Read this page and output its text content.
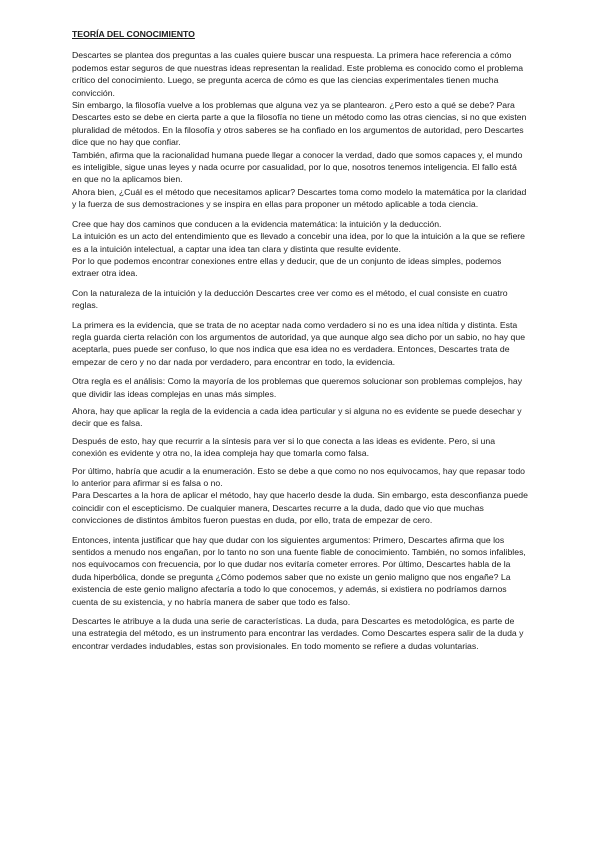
TEORÍA DEL CONOCIMIENTO

Descartes se plantea dos preguntas a las cuales quiere buscar una respuesta. La primera hace referencia a cómo podemos estar seguros de que nuestras ideas representan la realidad. Este problema es conocido como el problema crítico del conocimiento. Luego, se pregunta acerca de cómo es que las ciencias experimentales tienen mucha convicción.

Sin embargo, la filosofía vuelve a los problemas que alguna vez ya se plantearon. ¿Pero esto a qué se debe? Para Descartes esto se debe en cierta parte a que la filosofía no tiene un método como las otras ciencias, si no que existen pluralidad de métodos. En la filosofía y otros saberes se ha confiado en los argumentos de autoridad, pero Descartes dice que no hay que confiar.

También, afirma que la racionalidad humana puede llegar a conocer la verdad, dado que somos capaces y, el mundo es inteligible, sigue unas leyes y nada ocurre por casualidad, por lo que, nosotros tenemos inteligencia. El fallo está en que no la aplicamos bien.

Ahora bien, ¿Cuál es el método que necesitamos aplicar? Descartes toma como modelo la matemática por la claridad y la fuerza de sus demostraciones y se inspira en ellas para proponer un método aplicable a toda ciencia.

Cree que hay dos caminos que conducen a la evidencia matemática: la intuición y la deducción.

La intuición es un acto del entendimiento que es llevado a concebir una idea, por lo que la intuición a la que se refiere es a la intuición intelectual, a captar una idea tan clara y distinta que resulte evidente.

Por lo que podemos encontrar conexiones entre ellas y deducir, que de un conjunto de ideas simples, podemos extraer otra idea.

Con la naturaleza de la intuición y la deducción Descartes cree ver como es el método, el cual consiste en cuatro reglas.

La primera es la evidencia, que se trata de no aceptar nada como verdadero si no es una idea nítida y distinta. Esta regla guarda cierta relación con los argumentos de autoridad, ya que aunque algo sea dicho por un sabio, no hay que aceptarla, pues puede ser confuso, lo que nos indica que esa idea no es verdadera. Entonces, Descartes trata de empezar de cero y no dar nada por verdadero, para encontrar en todo, la evidencia.

Otra regla es el análisis: Como la mayoría de los problemas que queremos solucionar son problemas complejos, hay que dividir las ideas complejas en unas más simples.

Ahora, hay que aplicar la regla de la evidencia a cada idea particular y si alguna no es evidente se puede desechar y decir que es falsa.

Después de esto, hay que recurrir a la síntesis para ver si lo que conecta a las ideas es evidente. Pero, si una conexión es evidente y otra no, la idea compleja hay que tomarla como falsa.

Por último, habría que acudir a la enumeración. Esto se debe a que como no nos equivocamos, hay que repasar todo lo anterior para afirmar si es falsa o no.

Para Descartes a la hora de aplicar el método, hay que hacerlo desde la duda. Sin embargo, esta desconfianza puede coincidir con el escepticismo. De cualquier manera, Descartes recurre a la duda, dado que vio que muchas convicciones de distintos ámbitos fueron puestas en duda, por ello, trata de empezar de cero.

Entonces, intenta justificar que hay que dudar con los siguientes argumentos: Primero, Descartes afirma que los sentidos a menudo nos engañan, por lo tanto no son una fuente fiable de conocimiento. También, no somos infalibles, nos equivocamos con frecuencia, por lo que dudar nos evitaría cometer errores. Por último, Descartes habla de la duda hiperbólica, donde se pregunta ¿Cómo podemos saber que no existe un genio maligno que nos engañe? La existencia de este genio maligno afectaría a todo lo que conocemos, y además, si existiera no podríamos darnos cuenta de su existencia, y no habría manera de saber que todo es falso.

Descartes le atribuye a la duda una serie de características. La duda, para Descartes es metodológica, es parte de una estrategia del método, es un instrumento para encontrar las verdades. Como Descartes espera salir de la duda y encontrar verdades indudables, estas son provisionales. En todo momento se refiere a dudas voluntarias.
